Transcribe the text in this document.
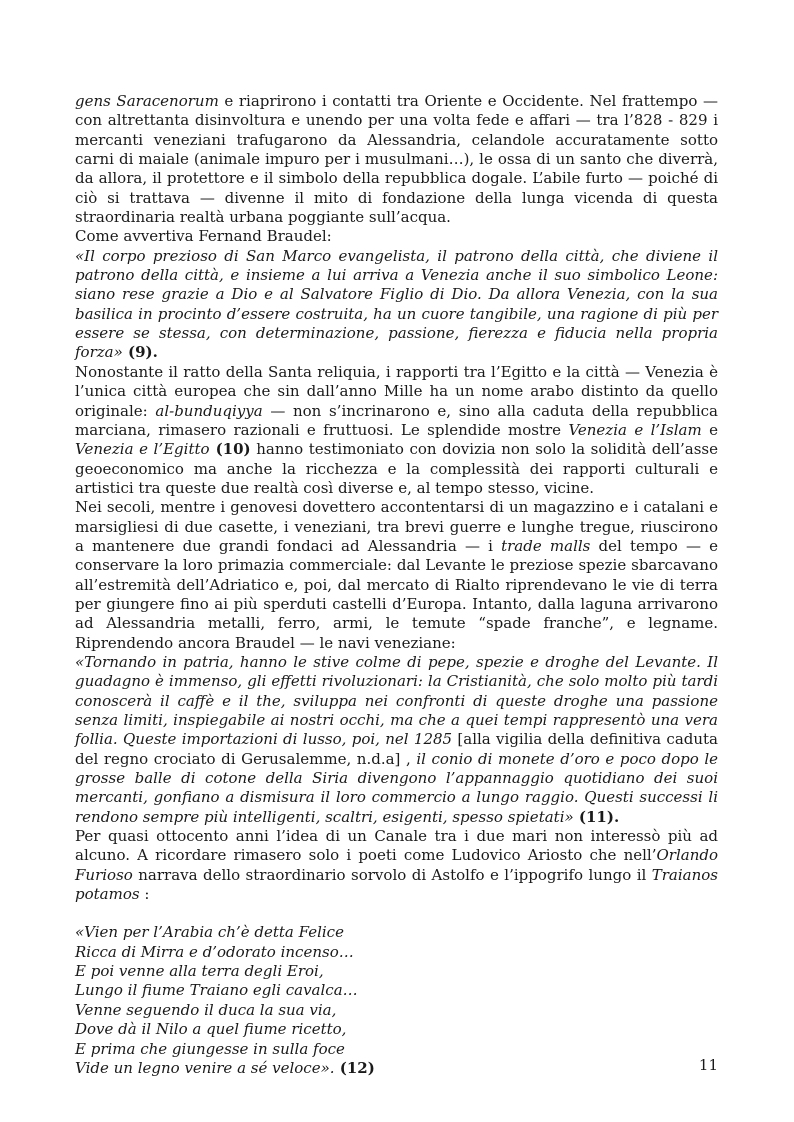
gens Saracenorum e riaprirono i contatti tra Oriente e Occidente. Nel frattempo — con altrettanta disinvoltura e unendo per una volta fede e affari — tra l’828 - 829 i mercanti veneziani trafugarono da Alessandria, celandole accuratamente sotto carni di maiale (animale impuro per i musulmani…), le ossa di un santo che diverrà, da allora, il protettore e il simbolo della repubblica dogale. L’abile furto — poiché di ciò si trattava — divenne il mito di fondazione della lunga vicenda di questa straordinaria realtà urbana poggiante sull’acqua.

Come avvertiva Fernand Braudel:

«Il corpo prezioso di San Marco evangelista, il patrono della città, che diviene il patrono della città, e insieme a lui arriva a Venezia anche il suo simbolico Leone: siano rese grazie a Dio e al Salvatore Figlio di Dio. Da allora Venezia, con la sua basilica in procinto d’essere costruita, ha un cuore tangibile, una ragione di più per essere se stessa, con determinazione, passione, fierezza e fiducia nella propria forza» (9).

Nonostante il ratto della Santa reliquia, i rapporti tra l’Egitto e la città — Venezia è l’unica città europea che sin dall’anno Mille ha un nome arabo distinto da quello originale: al-bunduqiyya — non s’incrinarono e, sino alla caduta della repubblica marciana, rimasero razionali e fruttuosi. Le splendide mostre Venezia e l’Islam e Venezia e l’Egitto (10) hanno testimoniato con dovizia non solo la solidità dell’asse geoeconomico ma anche la ricchezza e la complessità dei rapporti culturali e artistici tra queste due realtà così diverse e, al tempo stesso, vicine.

Nei secoli, mentre i genovesi dovettero accontentarsi di un magazzino e i catalani e marsigliesi di due casette, i veneziani, tra brevi guerre e lunghe tregue, riuscirono a mantenere due grandi fondaci ad Alessandria — i trade malls del tempo — e conservare la loro primazia commerciale: dal Levante le preziose spezie sbarcavano all’estremità dell’Adriatico e, poi, dal mercato di Rialto riprendevano le vie di terra per giungere fino ai più sperduti castelli d’Europa. Intanto, dalla laguna arrivarono ad Alessandria metalli, ferro, armi, le temute “spade franche”, e legname. Riprendendo ancora Braudel — le navi veneziane:

«Tornando in patria, hanno le stive colme di pepe, spezie e droghe del Levante. Il guadagno è immenso, gli effetti rivoluzionari: la Cristianità, che solo molto più tardi conoscerà il caffè e il the, sviluppa nei confronti di queste droghe una passione senza limiti, inspiegabile ai nostri occhi, ma che a quei tempi rappresentò una vera follia. Queste importazioni di lusso, poi, nel 1285 [alla vigilia della definitiva caduta del regno crociato di Gerusalemme, n.d.a] , il conio di monete d’oro e poco dopo le grosse balle di cotone della Siria divengono l’appannaggio quotidiano dei suoi mercanti, gonfiano a dismisura il loro commercio a lungo raggio. Questi successi li rendono sempre più intelligenti, scaltri, esigenti, spesso spietati» (11).

Per quasi ottocento anni l’idea di un Canale tra i due mari non interessò più ad alcuno. A ricordare rimasero solo i poeti come Ludovico Ariosto che nell’Orlando Furioso narrava dello straordinario sorvolo di Astolfo e l’ippogrifo lungo il Traianos potamos :

«Vien per l’Arabia ch’è detta Felice
Ricca di Mirra e d’odorato incenso…
E poi venne alla terra degli Eroi,
Lungo il fiume Traiano egli cavalca…
Venne seguendo il duca la sua via,
Dove dà il Nilo a quel fiume ricetto,
E prima che giungesse in sulla foce
Vide un legno venire a sé veloce». (12)	11
